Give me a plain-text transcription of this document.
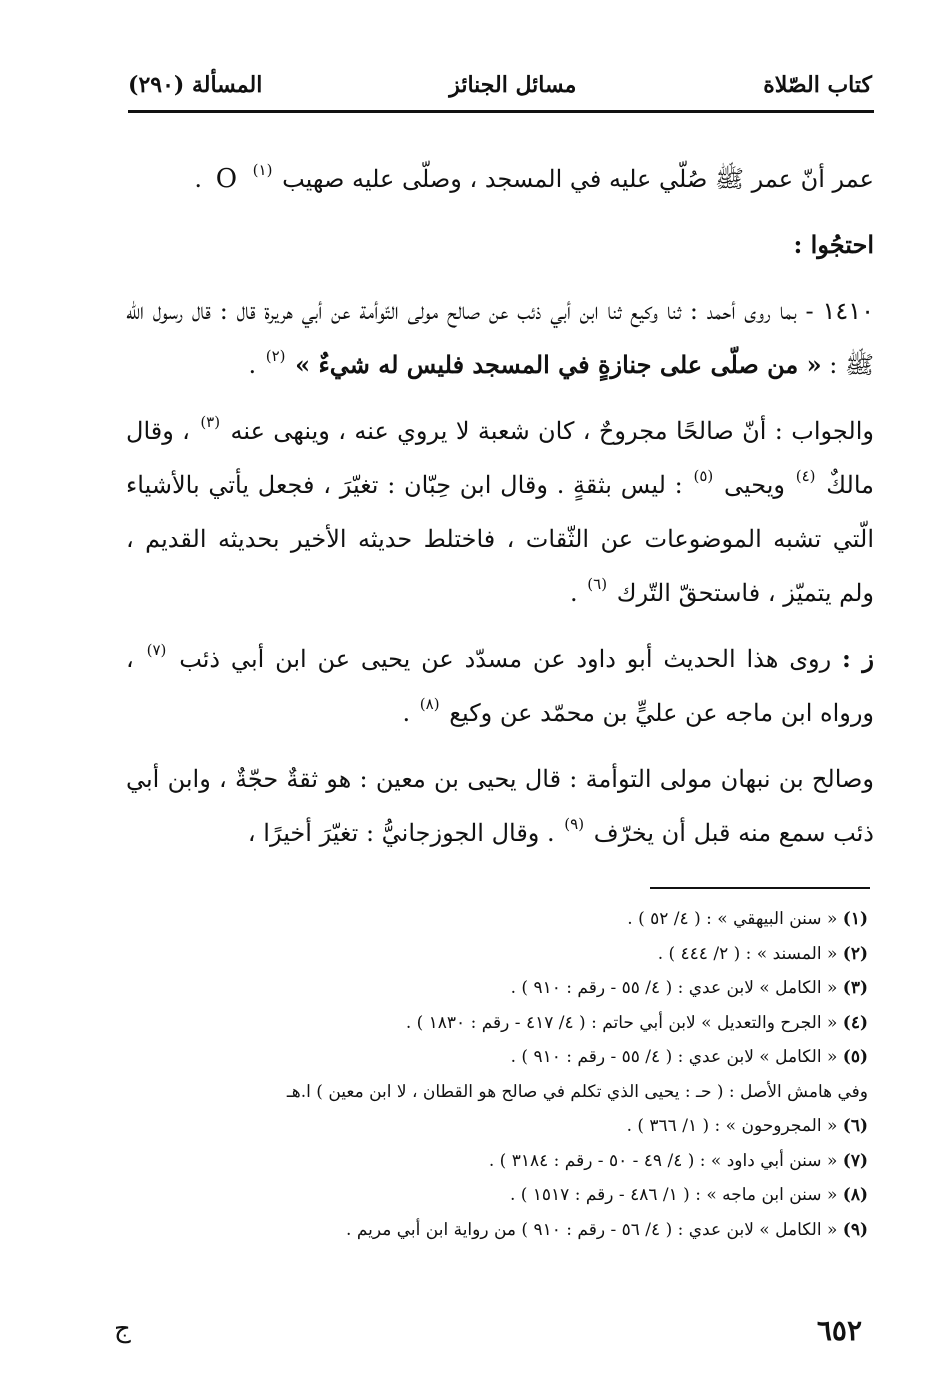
كتاب الصّلاة
مسائل الجنائز
المسألة (٢٩٠)

عمر أنّ عمر ﷺ صُلّي عليه في المسجد ، وصلّى عليه صهيب $^{(١)}$ O .

احتجُوا :

١٤١٠ - بما روى أحمد : ثنا وكيع ثنا ابن أبي ذئب عن صالح مولى التّوأمة عن أبي هريرة قال : قال رسول الله ﷺ : « من صلّى على جنازةٍ في المسجد فليس له شيءٌ » $^{(٢)}$ .

والجواب : أنّ صالحًا مجروحٌ ، كان شعبة لا يروي عنه ، وينهى عنه $^{(٣)}$ ، وقال مالكٌ $^{(٤)}$ ويحيى $^{(٥)}$ : ليس بثقةٍ . وقال ابن حِبّان : تغيّرَ ، فجعل يأتي بالأشياء الّتي تشبه الموضوعات عن الثّقات ، فاختلط حديثه الأخير بحديثه القديم ، ولم يتميّز ، فاستحقّ التّرك $^{(٦)}$ .

ز : روى هذا الحديث أبو داود عن مسدّد عن يحيى عن ابن أبي ذئب $^{(٧)}$ ، ورواه ابن ماجه عن عليٍّ بن محمّد عن وكيع $^{(٨)}$ .

وصالح بن نبهان مولى التوأمة : قال يحيى بن معين : هو ثقةٌ حجّةٌ ، وابن أبي ذئب سمع منه قبل أن يخرّف $^{(٩)}$ . وقال الجوزجانيُّ : تغيّرَ أخيرًا ،

(١) « سنن البيهقي » : ( ٤/ ٥٢ ) .

(٢) « المسند » : ( ٢/ ٤٤٤ ) .

(٣) « الكامل » لابن عدي : ( ٤/ ٥٥ - رقم : ٩١٠ ) .

(٤) « الجرح والتعديل » لابن أبي حاتم : ( ٤/ ٤١٧ - رقم : ١٨٣٠ ) .

(٥) « الكامل » لابن عدي : ( ٤/ ٥٥ - رقم : ٩١٠ ) .

وفي هامش الأصل : ( حـ : يحيى الذي تكلم في صالح هو القطان ، لا ابن معين ) ا.هـ

(٦) « المجروحون » : ( ١/ ٣٦٦ ) .

(٧) « سنن أبي داود » : ( ٤/ ٤٩ - ٥٠ - رقم : ٣١٨٤ ) .

(٨) « سنن ابن ماجه » : ( ١/ ٤٨٦ - رقم : ١٥١٧ ) .

(٩) « الكامل » لابن عدي : ( ٤/ ٥٦ - رقم : ٩١٠ ) من رواية ابن أبي مريم .

٦٥٢
ج
